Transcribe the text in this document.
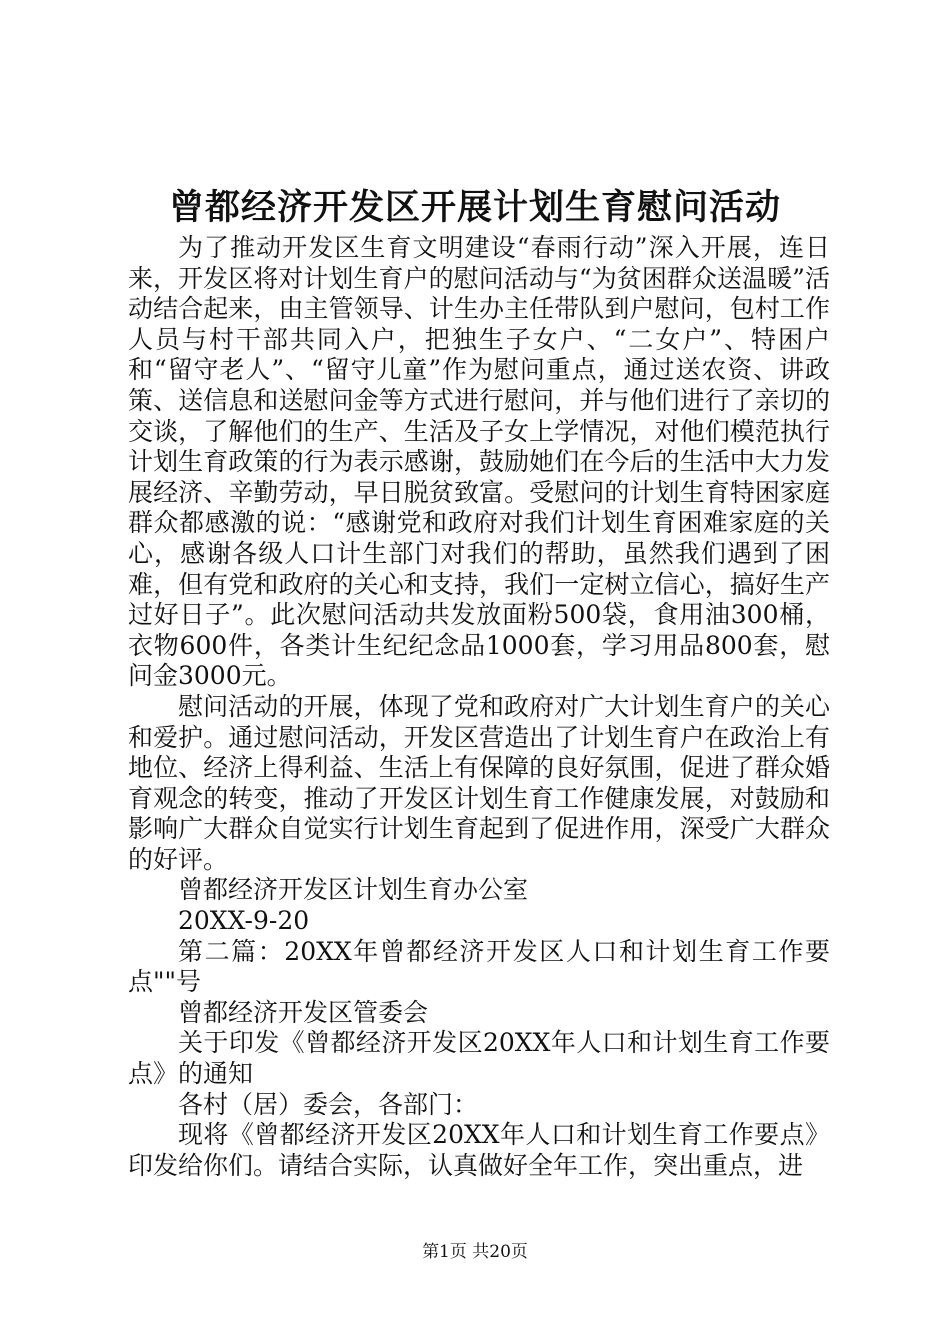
曾都经济开发区开展计划生育慰问活动

为了推动开发区生育文明建设“春雨行动”深入开展，连日来，开发区将对计划生育户的慰问活动与“为贫困群众送温暖”活动结合起来，由主管领导、计生办主任带队到户慰问，包村工作人员与村干部共同入户，把独生子女户、“二女户”、特困户和“留守老人”、“留守儿童”作为慰问重点，通过送农资、讲政策、送信息和送慰问金等方式进行慰问，并与他们进行了亲切的交谈，了解他们的生产、生活及子女上学情况，对他们模范执行计划生育政策的行为表示感谢，鼓励她们在今后的生活中大力发展经济、辛勤劳动，早日脱贫致富。受慰问的计划生育特困家庭群众都感激的说：“感谢党和政府对我们计划生育困难家庭的关心，感谢各级人口计生部门对我们的帮助，虽然我们遇到了困难，但有党和政府的关心和支持，我们一定树立信心，搞好生产过好日子”。此次慰问活动共发放面粉500袋，食用油300桶，衣物600件，各类计生纪纪念品1000套，学习用品800套，慰问金3000元。

慰问活动的开展，体现了党和政府对广大计划生育户的关心和爱护。通过慰问活动，开发区营造出了计划生育户在政治上有地位、经济上得利益、生活上有保障的良好氛围，促进了群众婚育观念的转变，推动了开发区计划生育工作健康发展，对鼓励和影响广大群众自觉实行计划生育起到了促进作用，深受广大群众的好评。

曾都经济开发区计划生育办公室

20XX-9-20

第二篇：20XX年曾都经济开发区人口和计划生育工作要点""号

曾都经济开发区管委会

关于印发《曾都经济开发区20XX年人口和计划生育工作要点》的通知

各村（居）委会，各部门：

现将《曾都经济开发区20XX年人口和计划生育工作要点》印发给你们。请结合实际，认真做好全年工作，突出重点，进

第1页 共20页
